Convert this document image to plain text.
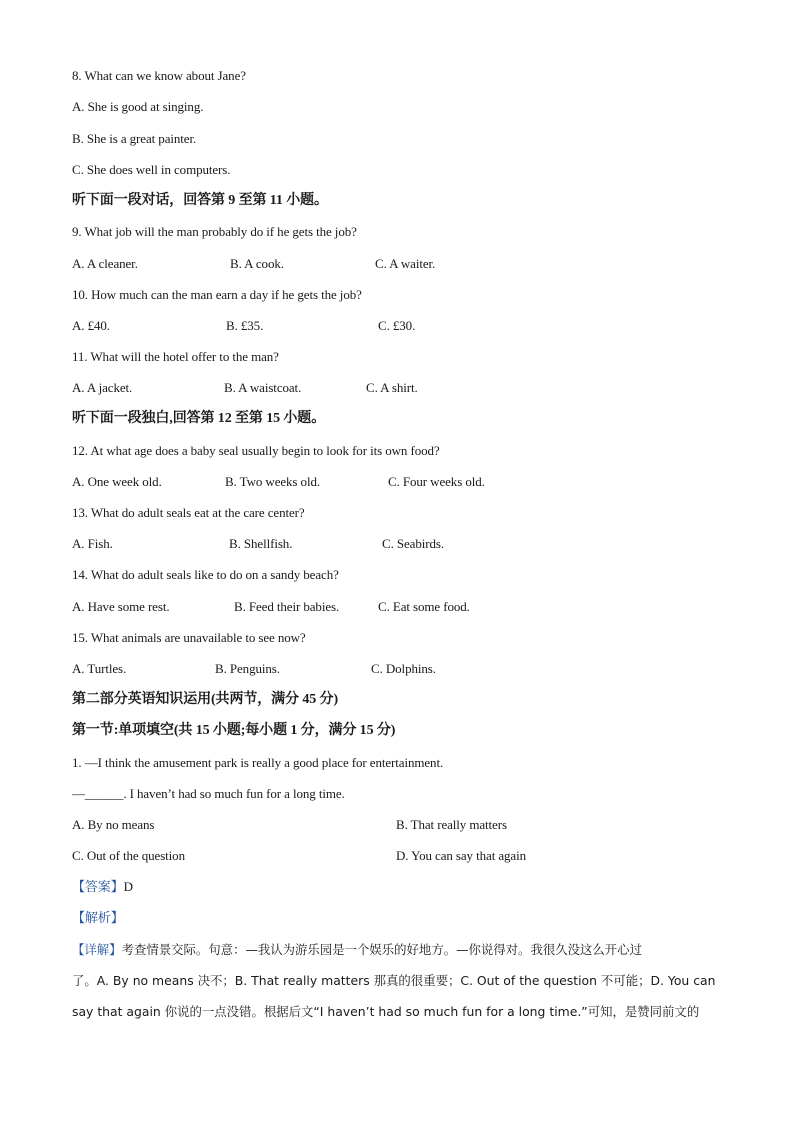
8. What can we know about Jane?
A. She is good at singing.
B. She is a great painter.
C. She does well in computers.
听下面一段对话，回答第 9 至第 11 小题。
9. What job will the man probably do if he gets the job?
A. A cleaner.	B. A cook.	C. A waiter.
10. How much can the man earn a day if he gets the job?
A. £40.	B. £35.	C. £30.
11. What will the hotel offer to the man?
A. A jacket.	B. A waistcoat.	C. A shirt.
听下面一段独白,回答第 12 至第 15 小题。
12. At what age does a baby seal usually begin to look for its own food?
A. One week old.	B. Two weeks old.	C. Four weeks old.
13. What do adult seals eat at the care center?
A. Fish.	B. Shellfish.	C. Seabirds.
14. What do adult seals like to do on a sandy beach?
A. Have some rest.	B. Feed their babies.	C. Eat some food.
15. What animals are unavailable to see now?
A. Turtles.	B. Penguins.	C. Dolphins.
第二部分英语知识运用(共两节，满分 45 分)
第一节:单项填空(共 15 小题;每小题 1 分，满分 15 分)
1. —I think the amusement park is really a good place for entertainment.
—______. I haven’t had so much fun for a long time.
A. By no means	B. That really matters
C. Out of the question	D. You can say that again
【答案】D
【解析】
【详解】考查情景交际。句意：—我认为游乐园是一个娱乐的好地方。—你说得对。我很久没这么开心过
了。A. By no means 决不；B. That really matters 那真的很重要；C. Out of the question 不可能；D. You can
say that again 你说的一点没错。根据后文“I haven’t had so much fun for a long time.”可知，是赞同前文的
